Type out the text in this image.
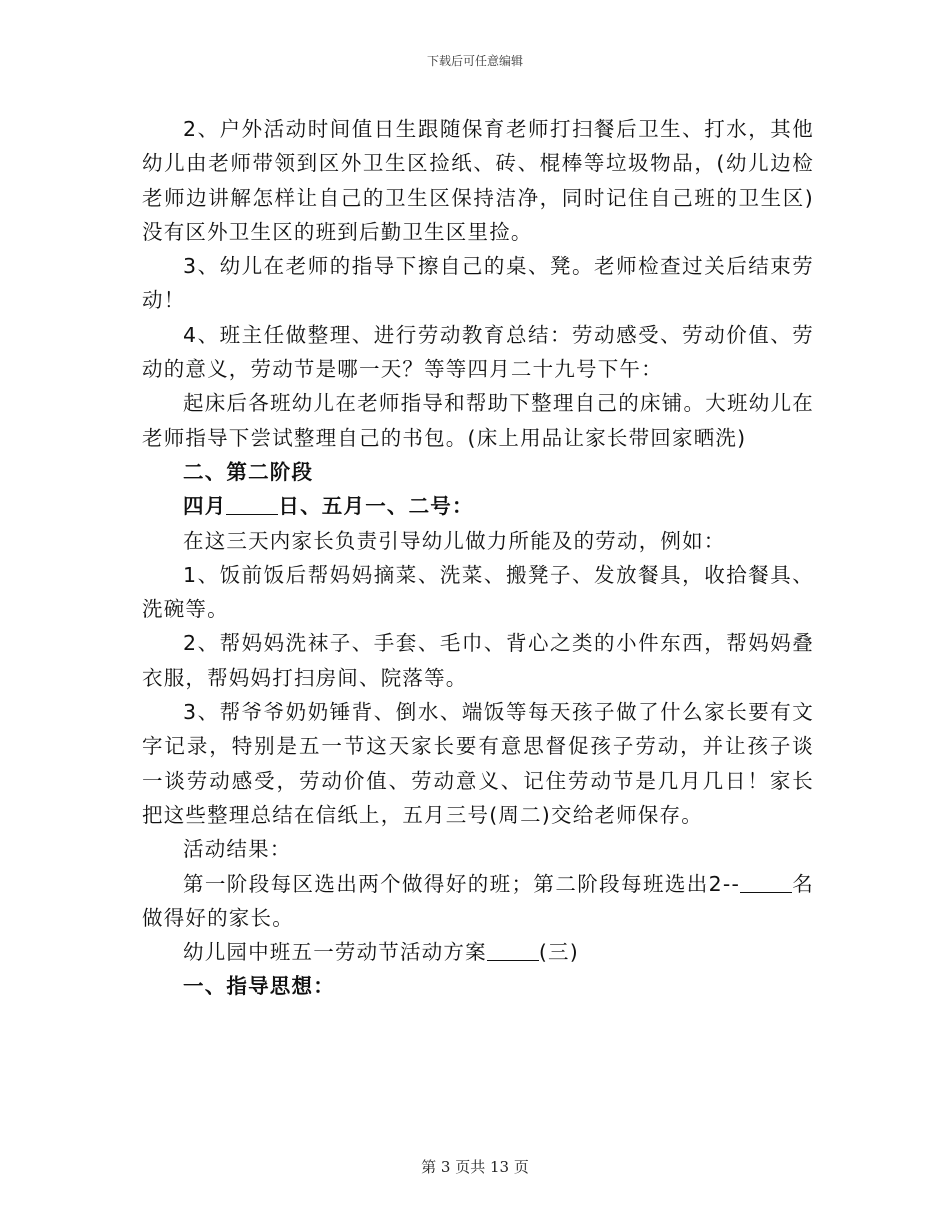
下载后可任意编辑

2、户外活动时间值日生跟随保育老师打扫餐后卫生、打水，其他幼儿由老师带领到区外卫生区捡纸、砖、棍棒等垃圾物品，(幼儿边检老师边讲解怎样让自己的卫生区保持洁净，同时记住自己班的卫生区)没有区外卫生区的班到后勤卫生区里捡。

3、幼儿在老师的指导下擦自己的桌、凳。老师检查过关后结束劳动！

4、班主任做整理、进行劳动教育总结：劳动感受、劳动价值、劳动的意义，劳动节是哪一天？等等四月二十九号下午：

起床后各班幼儿在老师指导和帮助下整理自己的床铺。大班幼儿在老师指导下尝试整理自己的书包。(床上用品让家长带回家晒洗)

二、第二阶段

四月	日、五月一、二号：

在这三天内家长负责引导幼儿做力所能及的劳动，例如：

1、饭前饭后帮妈妈摘菜、洗菜、搬凳子、发放餐具，收拾餐具、洗碗等。

2、帮妈妈洗袜子、手套、毛巾、背心之类的小件东西，帮妈妈叠衣服，帮妈妈打扫房间、院落等。

3、帮爷爷奶奶锤背、倒水、端饭等每天孩子做了什么家长要有文字记录，特别是五一节这天家长要有意思督促孩子劳动，并让孩子谈一谈劳动感受，劳动价值、劳动意义、记住劳动节是几月几日！家长把这些整理总结在信纸上，五月三号(周二)交给老师保存。

活动结果：

第一阶段每区选出两个做得好的班；第二阶段每班选出2--	名做得好的家长。

幼儿园中班五一劳动节活动方案	(三)

一、指导思想：

第 3 页共 13 页
